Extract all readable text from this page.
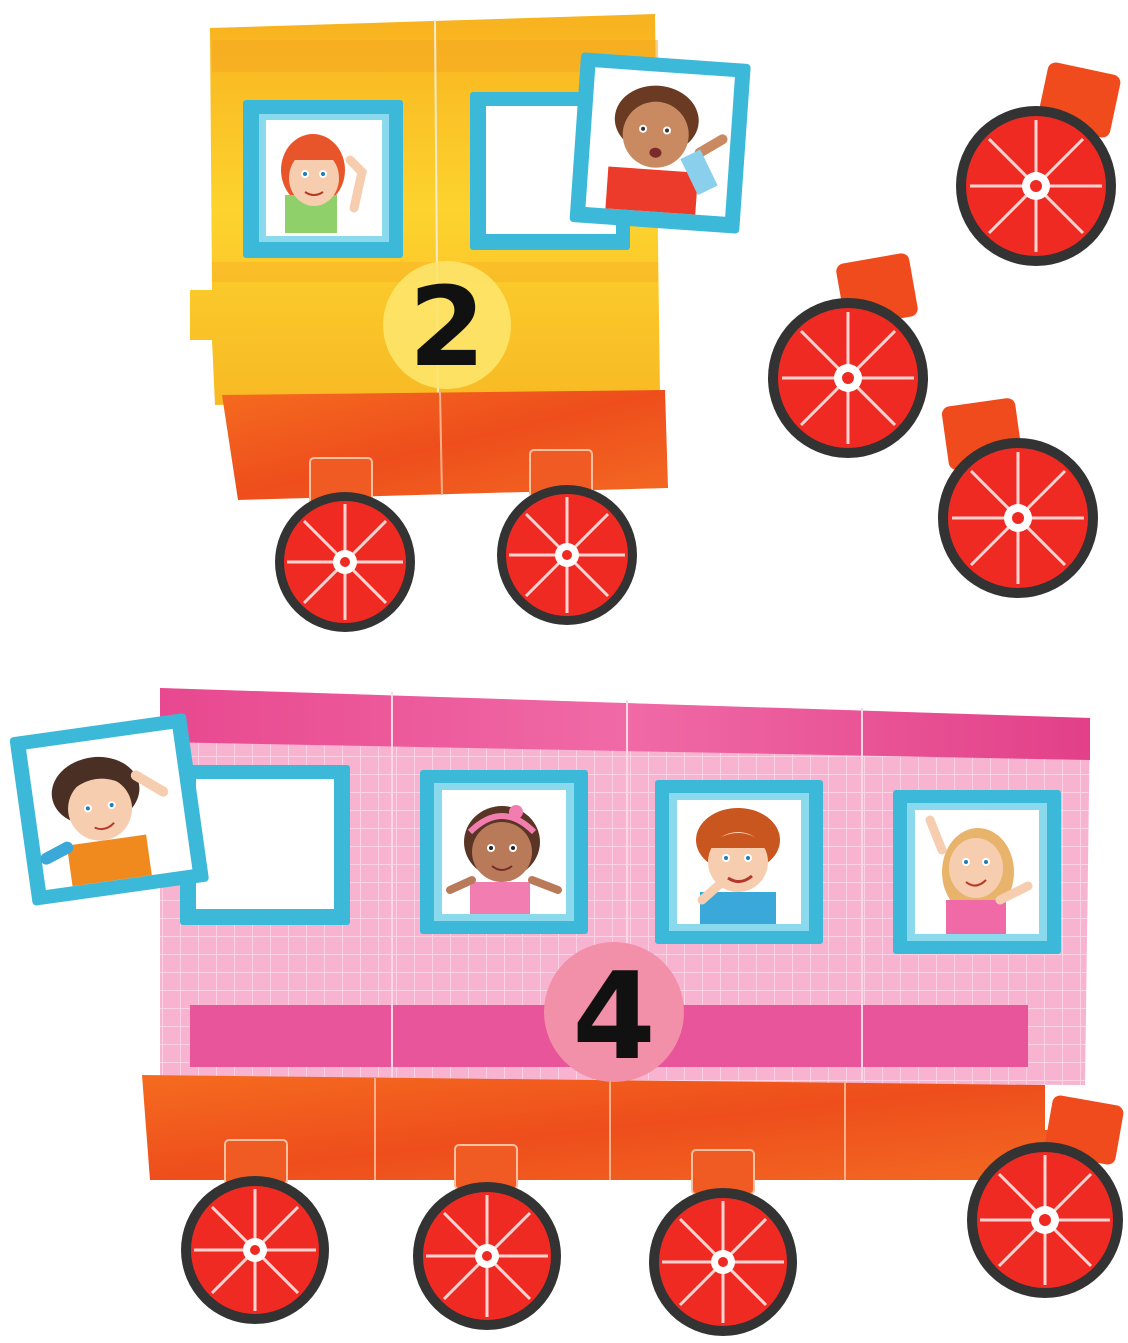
2
4
